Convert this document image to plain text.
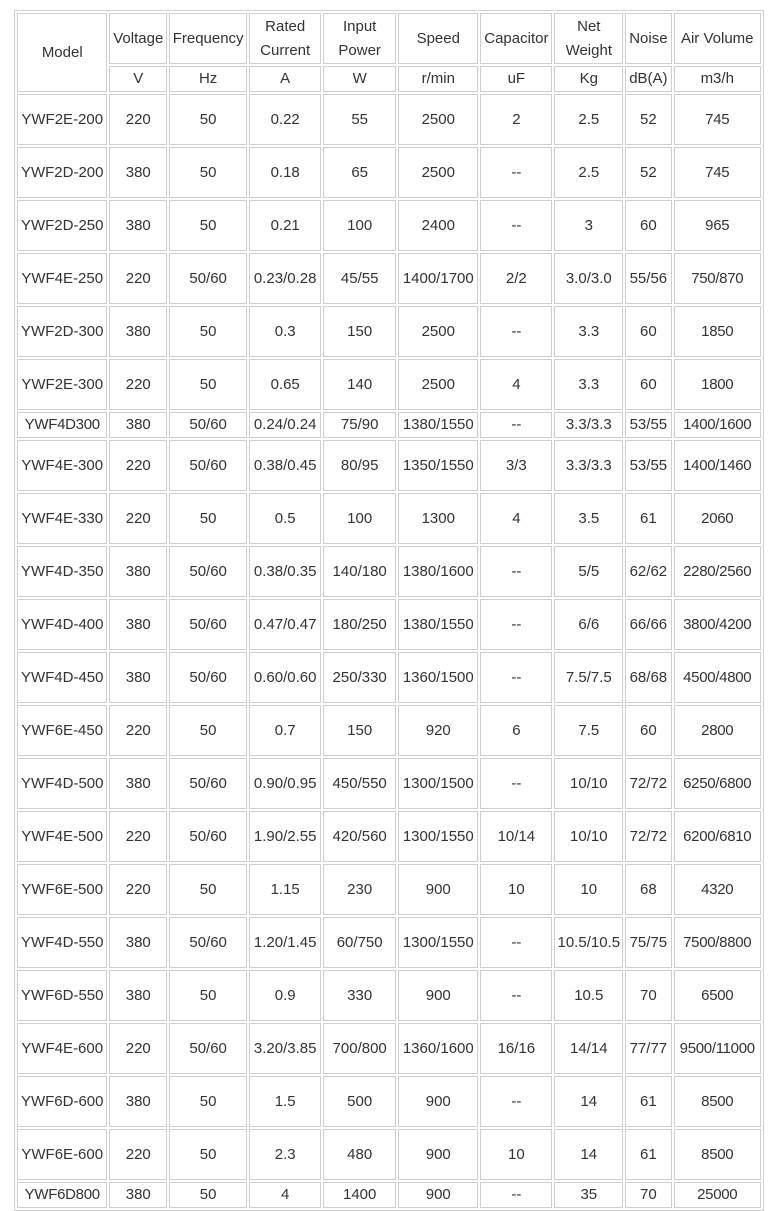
Model	Voltage	Frequency	Rated Current	Input Power	Speed	Capacitor	Net Weight	Noise	Air Volume
	V	Hz	A	W	r/min	uF	Kg	dB(A)	m3/h
YWF2E-200	220	50	0.22	55	2500	2	2.5	52	745
YWF2D-200	380	50	0.18	65	2500	--	2.5	52	745
YWF2D-250	380	50	0.21	100	2400	--	3	60	965
YWF4E-250	220	50/60	0.23/0.28	45/55	1400/1700	2/2	3.0/3.0	55/56	750/870
YWF2D-300	380	50	0.3	150	2500	--	3.3	60	1850
YWF2E-300	220	50	0.65	140	2500	4	3.3	60	1800
YWF4D300	380	50/60	0.24/0.24	75/90	1380/1550	--	3.3/3.3	53/55	1400/1600
YWF4E-300	220	50/60	0.38/0.45	80/95	1350/1550	3/3	3.3/3.3	53/55	1400/1460
YWF4E-330	220	50	0.5	100	1300	4	3.5	61	2060
YWF4D-350	380	50/60	0.38/0.35	140/180	1380/1600	--	5/5	62/62	2280/2560
YWF4D-400	380	50/60	0.47/0.47	180/250	1380/1550	--	6/6	66/66	3800/4200
YWF4D-450	380	50/60	0.60/0.60	250/330	1360/1500	--	7.5/7.5	68/68	4500/4800
YWF6E-450	220	50	0.7	150	920	6	7.5	60	2800
YWF4D-500	380	50/60	0.90/0.95	450/550	1300/1500	--	10/10	72/72	6250/6800
YWF4E-500	220	50/60	1.90/2.55	420/560	1300/1550	10/14	10/10	72/72	6200/6810
YWF6E-500	220	50	1.15	230	900	10	10	68	4320
YWF4D-550	380	50/60	1.20/1.45	60/750	1300/1550	--	10.5/10.5	75/75	7500/8800
YWF6D-550	380	50	0.9	330	900	--	10.5	70	6500
YWF4E-600	220	50/60	3.20/3.85	700/800	1360/1600	16/16	14/14	77/77	9500/11000
YWF6D-600	380	50	1.5	500	900	--	14	61	8500
YWF6E-600	220	50	2.3	480	900	10	14	61	8500
YWF6D800	380	50	4	1400	900	--	35	70	25000
